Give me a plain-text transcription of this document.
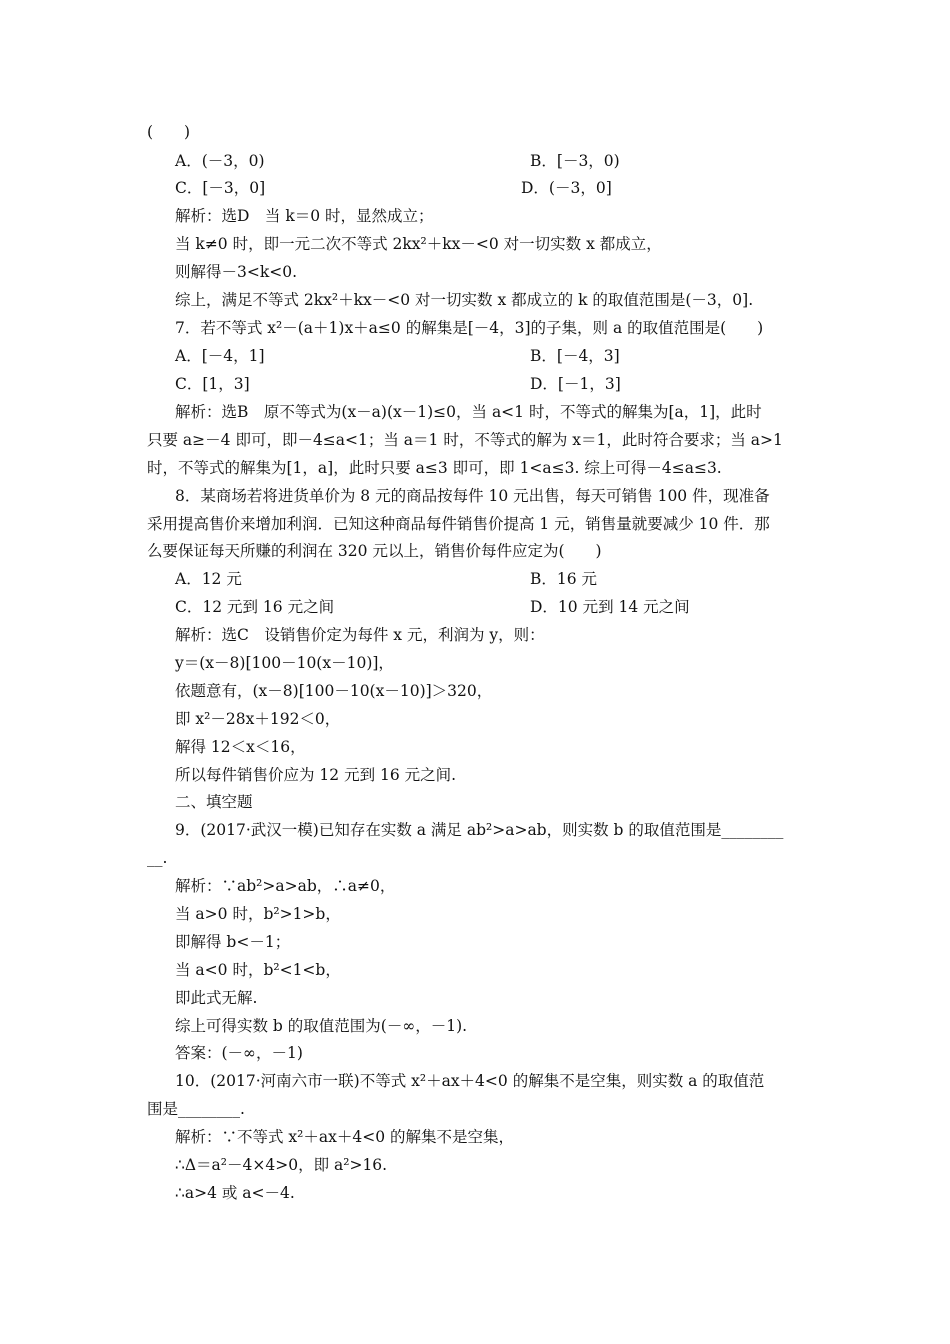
(　　)
A．(－3，0)	B．[－3，0)
C．[－3，0]	D．(－3，0]
解析：选D　当 k＝0 时，显然成立；
当 k≠0 时，即一元二次不等式 2kx²＋kx－<0 对一切实数 x 都成立，
则解得－3<k<0.
综上，满足不等式 2kx²＋kx－<0 对一切实数 x 都成立的 k 的取值范围是(－3，0].
7．若不等式 x²－(a＋1)x＋a≤0 的解集是[－4，3]的子集，则 a 的取值范围是(　　)
A．[－4，1]	B．[－4，3]
C．[1，3]	D．[－1，3]
解析：选B　原不等式为(x－a)(x－1)≤0，当 a<1 时，不等式的解集为[a，1]，此时
只要 a≥－4 即可，即－4≤a<1；当 a＝1 时，不等式的解为 x＝1，此时符合要求；当 a>1
时，不等式的解集为[1，a]，此时只要 a≤3 即可，即 1<a≤3. 综上可得－4≤a≤3.
8．某商场若将进货单价为 8 元的商品按每件 10 元出售，每天可销售 100 件，现准备
采用提高售价来增加利润．已知这种商品每件销售价提高 1 元，销售量就要减少 10 件．那
么要保证每天所赚的利润在 320 元以上，销售价每件应定为(　　)
A．12 元	B．16 元
C．12 元到 16 元之间	D．10 元到 14 元之间
解析：选C　设销售价定为每件 x 元，利润为 y，则：
y＝(x－8)[100－10(x－10)]，
依题意有，(x－8)[100－10(x－10)]＞320，
即 x²－28x＋192＜0，
解得 12＜x＜16，
所以每件销售价应为 12 元到 16 元之间.
二、填空题
9．(2017·武汉一模)已知存在实数 a 满足 ab²>a>ab，则实数 b 的取值范围是________
__.
解析：∵ab²>a>ab，∴a≠0，
当 a>0 时，b²>1>b，
即解得 b<－1；
当 a<0 时，b²<1<b，
即此式无解.
综上可得实数 b 的取值范围为(－∞，－1).
答案：(－∞，－1)
10．(2017·河南六市一联)不等式 x²＋ax＋4<0 的解集不是空集，则实数 a 的取值范
围是________.
解析：∵不等式 x²＋ax＋4<0 的解集不是空集，
∴Δ＝a²－4×4>0，即 a²>16.
∴a>4 或 a<－4.
